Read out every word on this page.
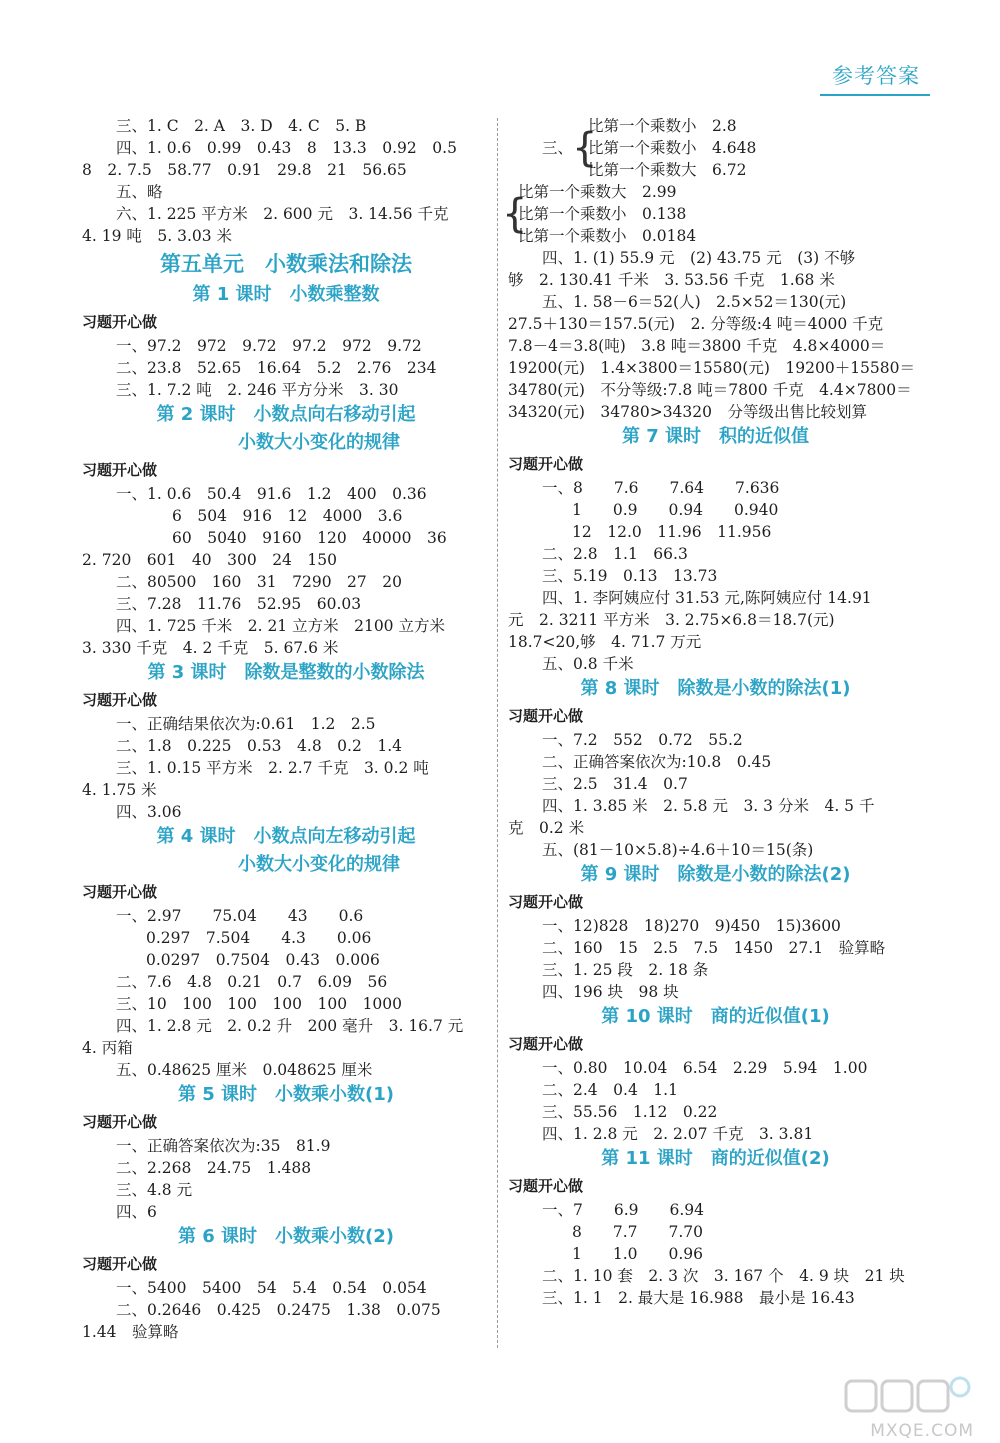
参考答案
三、1. C　2. A　3. D　4. C　5. B
四、1. 0.6　0.99　0.43　8　13.3　0.92　0.5
8　2. 7.5　58.77　0.91　29.8　21　56.65
五、略
六、1. 225 平方米　2. 600 元　3. 14.56 千克
4. 19 吨　5. 3.03 米
第五单元　小数乘法和除法
第 1 课时　小数乘整数
习题开心做
一、97.2　972　9.72　97.2　972　9.72
二、23.8　52.65　16.64　5.2　2.76　234
三、1. 7.2 吨　2. 246 平方分米　3. 30
第 2 课时　小数点向右移动引起
小数大小变化的规律
习题开心做
一、1. 0.6　50.4　91.6　1.2　400　0.36
6　504　916　12　4000　3.6
60　5040　9160　120　40000　36
2. 720　601　40　300　24　150
二、80500　160　31　7290　27　20
三、7.28　11.76　52.95　60.03
四、1. 725 千米　2. 21 立方米　2100 立方米
3. 330 千克　4. 2 千克　5. 67.6 米
第 3 课时　除数是整数的小数除法
习题开心做
一、正确结果依次为:0.61　1.2　2.5
二、1.8　0.225　0.53　4.8　0.2　1.4
三、1. 0.15 平方米　2. 2.7 千克　3. 0.2 吨
4. 1.75 米
四、3.06
第 4 课时　小数点向左移动引起
小数大小变化的规律
习题开心做
一、2.97　　75.04　　43　　0.6
0.297　7.504　　4.3　　0.06
0.0297　0.7504　0.43　0.006
二、7.6　4.8　0.21　0.7　6.09　56
三、10　100　100　100　100　1000
四、1. 2.8 元　2. 0.2 升　200 毫升　3. 16.7 元
4. 丙箱
五、0.48625 厘米　0.048625 厘米
第 5 课时　小数乘小数(1)
习题开心做
一、正确答案依次为:35　81.9
二、2.268　24.75　1.488
三、4.8 元
四、6
第 6 课时　小数乘小数(2)
习题开心做
一、5400　5400　54　5.4　0.54　0.054
二、0.2646　0.425　0.2475　1.38　0.075
1.44　验算略
三、
{
比第一个乘数小　2.8
比第一个乘数小　4.648
比第一个乘数大　6.72
{
比第一个乘数大　2.99
比第一个乘数小　0.138
比第一个乘数小　0.0184
四、1. (1) 55.9 元　(2) 43.75 元　(3) 不够
够　2. 130.41 千米　3. 53.56 千克　1.68 米
五、1. 58－6＝52(人)　2.5×52＝130(元)
27.5＋130＝157.5(元)　2. 分等级:4 吨＝4000 千克
7.8－4＝3.8(吨)　3.8 吨＝3800 千克　4.8×4000＝
19200(元)　1.4×3800＝15580(元)　19200＋15580＝
34780(元)　不分等级:7.8 吨＝7800 千克　4.4×7800＝
34320(元)　34780>34320　分等级出售比较划算
第 7 课时　积的近似值
习题开心做
一、8　　7.6　　7.64　　7.636
1　　0.9　　0.94　　0.940
12　12.0　11.96　11.956
二、2.8　1.1　66.3
三、5.19　0.13　13.73
四、1. 李阿姨应付 31.53 元,陈阿姨应付 14.91
元　2. 3211 平方米　3. 2.75×6.8＝18.7(元)
18.7<20,够　4. 71.7 万元
五、0.8 千米
第 8 课时　除数是小数的除法(1)
习题开心做
一、7.2　552　0.72　55.2
二、正确答案依次为:10.8　0.45
三、2.5　31.4　0.7
四、1. 3.85 米　2. 5.8 元　3. 3 分米　4. 5 千
克　0.2 米
五、(81－10×5.8)÷4.6＋10＝15(条)
第 9 课时　除数是小数的除法(2)
习题开心做
一、12)828　18)270　9)450　15)3600
二、160　15　2.5　7.5　1450　27.1　验算略
三、1. 25 段　2. 18 条
四、196 块　98 块
第 10 课时　商的近似值(1)
习题开心做
一、0.80　10.04　6.54　2.29　5.94　1.00
二、2.4　0.4　1.1
三、55.56　1.12　0.22
四、1. 2.8 元　2. 2.07 千克　3. 3.81
第 11 课时　商的近似值(2)
习题开心做
一、7　　6.9　　6.94
8　　7.7　　7.70
1　　1.0　　0.96
二、1. 10 套　2. 3 次　3. 167 个　4. 9 块　21 块
三、1. 1　2. 最大是 16.988　最小是 16.43
MXQE.COM
